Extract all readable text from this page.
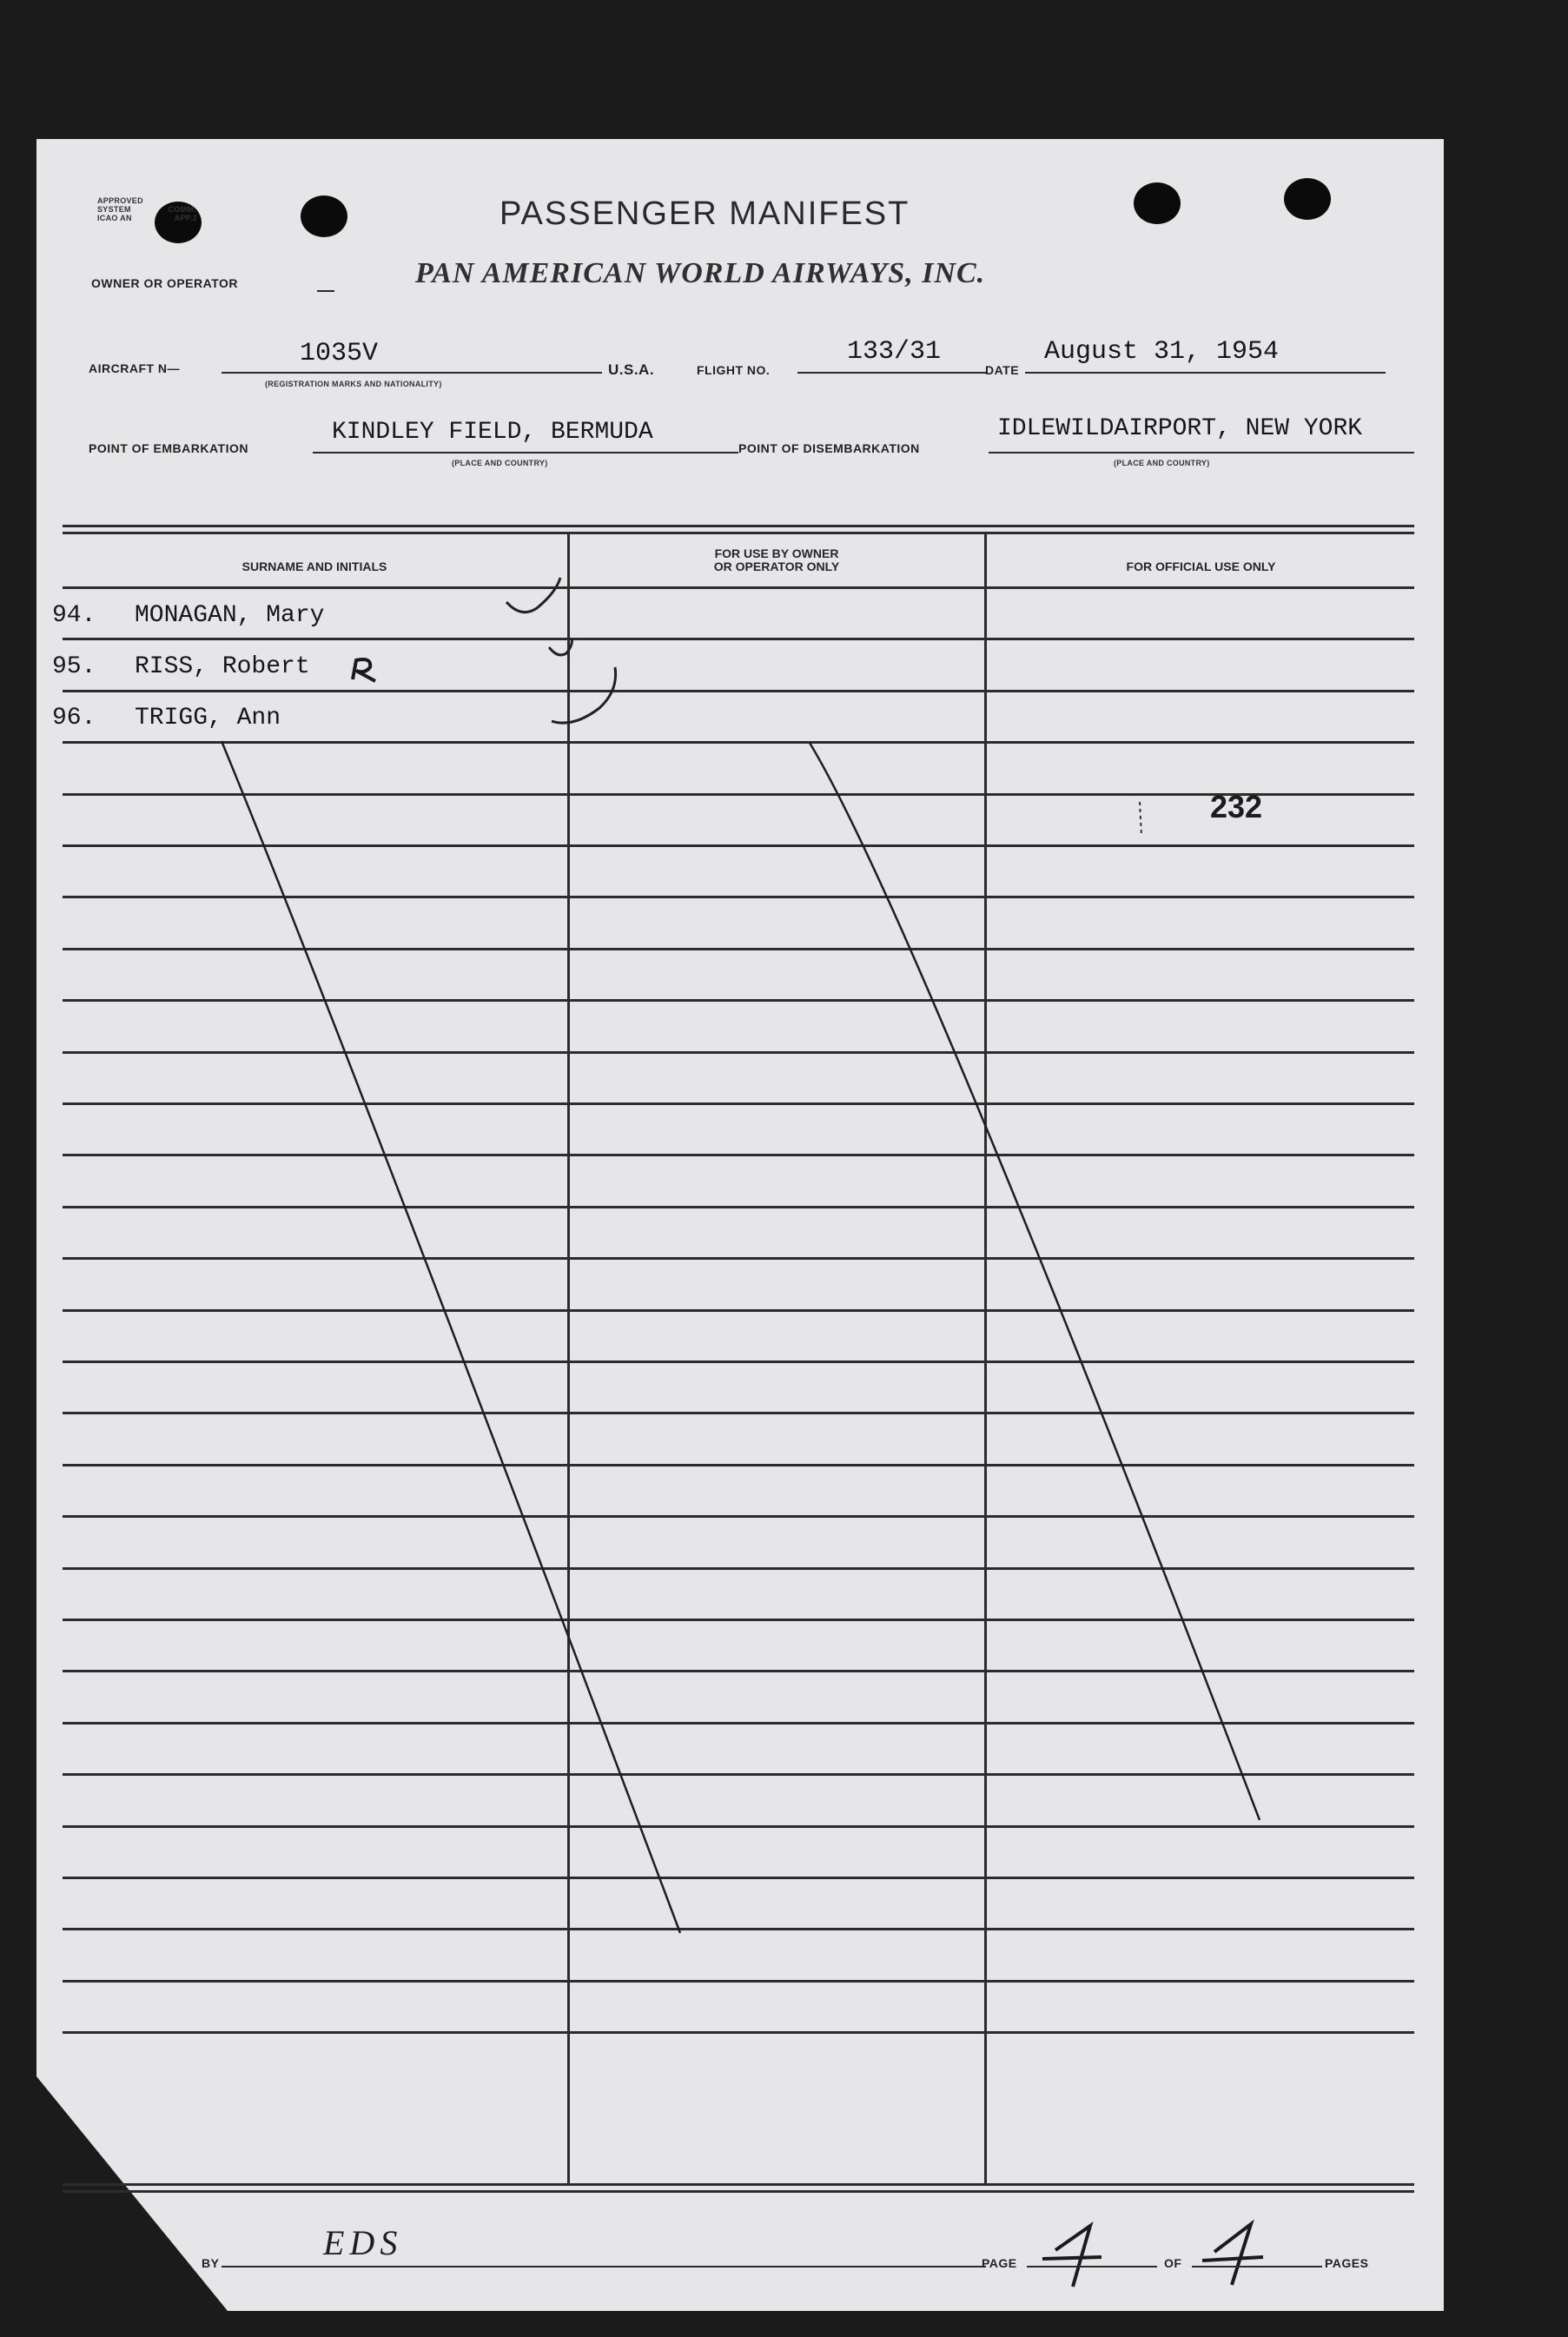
APPROVED
SYSTEM	COMM.
ICAO AN	APP.2	PASSENGER MANIFEST
OWNER OR OPERATOR	PAN AMERICAN WORLD AIRWAYS, INC.
AIRCRAFT N—	1035V
(REGISTRATION MARKS AND NATIONALITY)
U.S.A.	FLIGHT NO.
133/31
DATE
August 31, 1954
POINT OF EMBARKATION
KINDLEY FIELD, BERMUDA
(PLACE AND COUNTRY)
POINT OF DISEMBARKATION
IDLEWILDAIRPORT, NEW YORK
(PLACE AND COUNTRY)
SURNAME AND INITIALS
FOR USE BY OWNER
OR OPERATOR ONLY	FOR OFFICIAL USE ONLY
94. MONAGAN, Mary
95. RISS, Robert
96. TRIGG, Ann
232
BY
EDS
PAGE	OF	PAGES
